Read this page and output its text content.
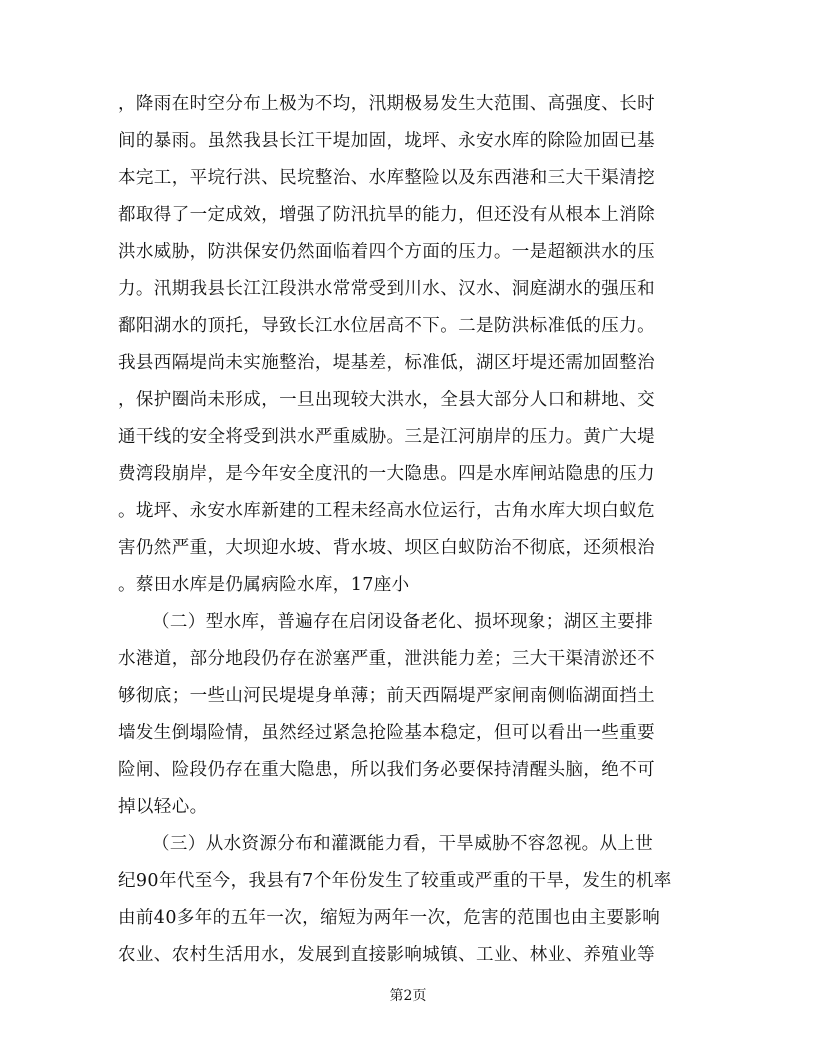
，降雨在时空分布上极为不均，汛期极易发生大范围、高强度、长时
间的暴雨。虽然我县长江干堤加固，垅坪、永安水库的除险加固已基
本完工，平垸行洪、民垸整治、水库整险以及东西港和三大干渠清挖
都取得了一定成效，增强了防汛抗旱的能力，但还没有从根本上消除
洪水威胁，防洪保安仍然面临着四个方面的压力。一是超额洪水的压
力。汛期我县长江江段洪水常常受到川水、汉水、洞庭湖水的强压和
鄱阳湖水的顶托，导致长江水位居高不下。二是防洪标准低的压力。
我县西隔堤尚未实施整治，堤基差，标准低，湖区圩堤还需加固整治
，保护圈尚未形成，一旦出现较大洪水，全县大部分人口和耕地、交
通干线的安全将受到洪水严重威胁。三是江河崩岸的压力。黄广大堤
费湾段崩岸，是今年安全度汛的一大隐患。四是水库闸站隐患的压力
。垅坪、永安水库新建的工程未经高水位运行，古角水库大坝白蚁危
害仍然严重，大坝迎水坡、背水坡、坝区白蚁防治不彻底，还须根治
。蔡田水库是仍属病险水库，17座小
（二）型水库，普遍存在启闭设备老化、损坏现象；湖区主要排
水港道，部分地段仍存在淤塞严重，泄洪能力差；三大干渠清淤还不
够彻底；一些山河民堤堤身单薄；前天西隔堤严家闸南侧临湖面挡土
墙发生倒塌险情，虽然经过紧急抢险基本稳定，但可以看出一些重要
险闸、险段仍存在重大隐患，所以我们务必要保持清醒头脑，绝不可
掉以轻心。
（三）从水资源分布和灌溉能力看，干旱威胁不容忽视。从上世
纪90年代至今，我县有7个年份发生了较重或严重的干旱，发生的机率
由前40多年的五年一次，缩短为两年一次，危害的范围也由主要影响
农业、农村生活用水，发展到直接影响城镇、工业、林业、养殖业等
第2页
